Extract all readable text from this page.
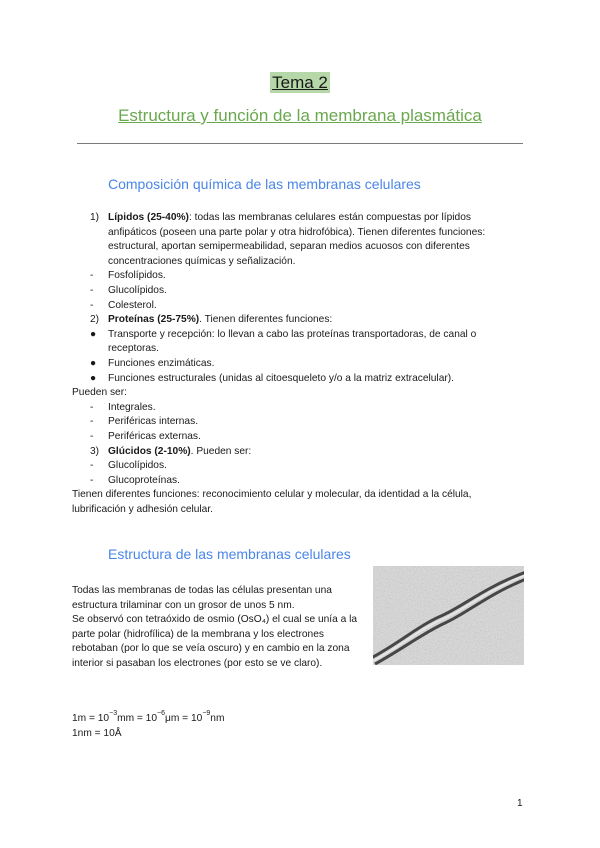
Tema 2
Estructura y función de la membrana plasmática
Composición química de las membranas celulares
1) Lípidos (25-40%): todas las membranas celulares están compuestas por lípidos anfipáticos (poseen una parte polar y otra hidrofóbica). Tienen diferentes funciones: estructural, aportan semipermeabilidad, separan medios acuosos con diferentes concentraciones químicas y señalización.
- Fosfolípidos.
- Glucolípidos.
- Colesterol.
2) Proteínas (25-75%). Tienen diferentes funciones:
● Transporte y recepción: lo llevan a cabo las proteínas transportadoras, de canal o receptoras.
● Funciones enzimáticas.
● Funciones estructurales (unidas al citoesqueleto y/o a la matriz extracelular).
Pueden ser:
- Integrales.
- Periféricas internas.
- Periféricas externas.
3) Glúcidos (2-10%). Pueden ser:
- Glucolípidos.
- Glucoproteínas.
Tienen diferentes funciones: reconocimiento celular y molecular, da identidad a la célula, lubrificación y adhesión celular.
Estructura de las membranas celulares
Todas las membranas de todas las células presentan una estructura trilaminar con un grosor de unos 5 nm.
Se observó con tetraóxido de osmio (OsO₄) el cual se unía a la parte polar (hidrofílica) de la membrana y los electrones rebotaban (por lo que se veía oscuro) y en cambio en la zona interior si pasaban los electrones (por esto se ve claro).
$1m = 10^{-3}mm = 10^{-6}\mu m = 10^{-9}nm$
1nm = 10Å
1
